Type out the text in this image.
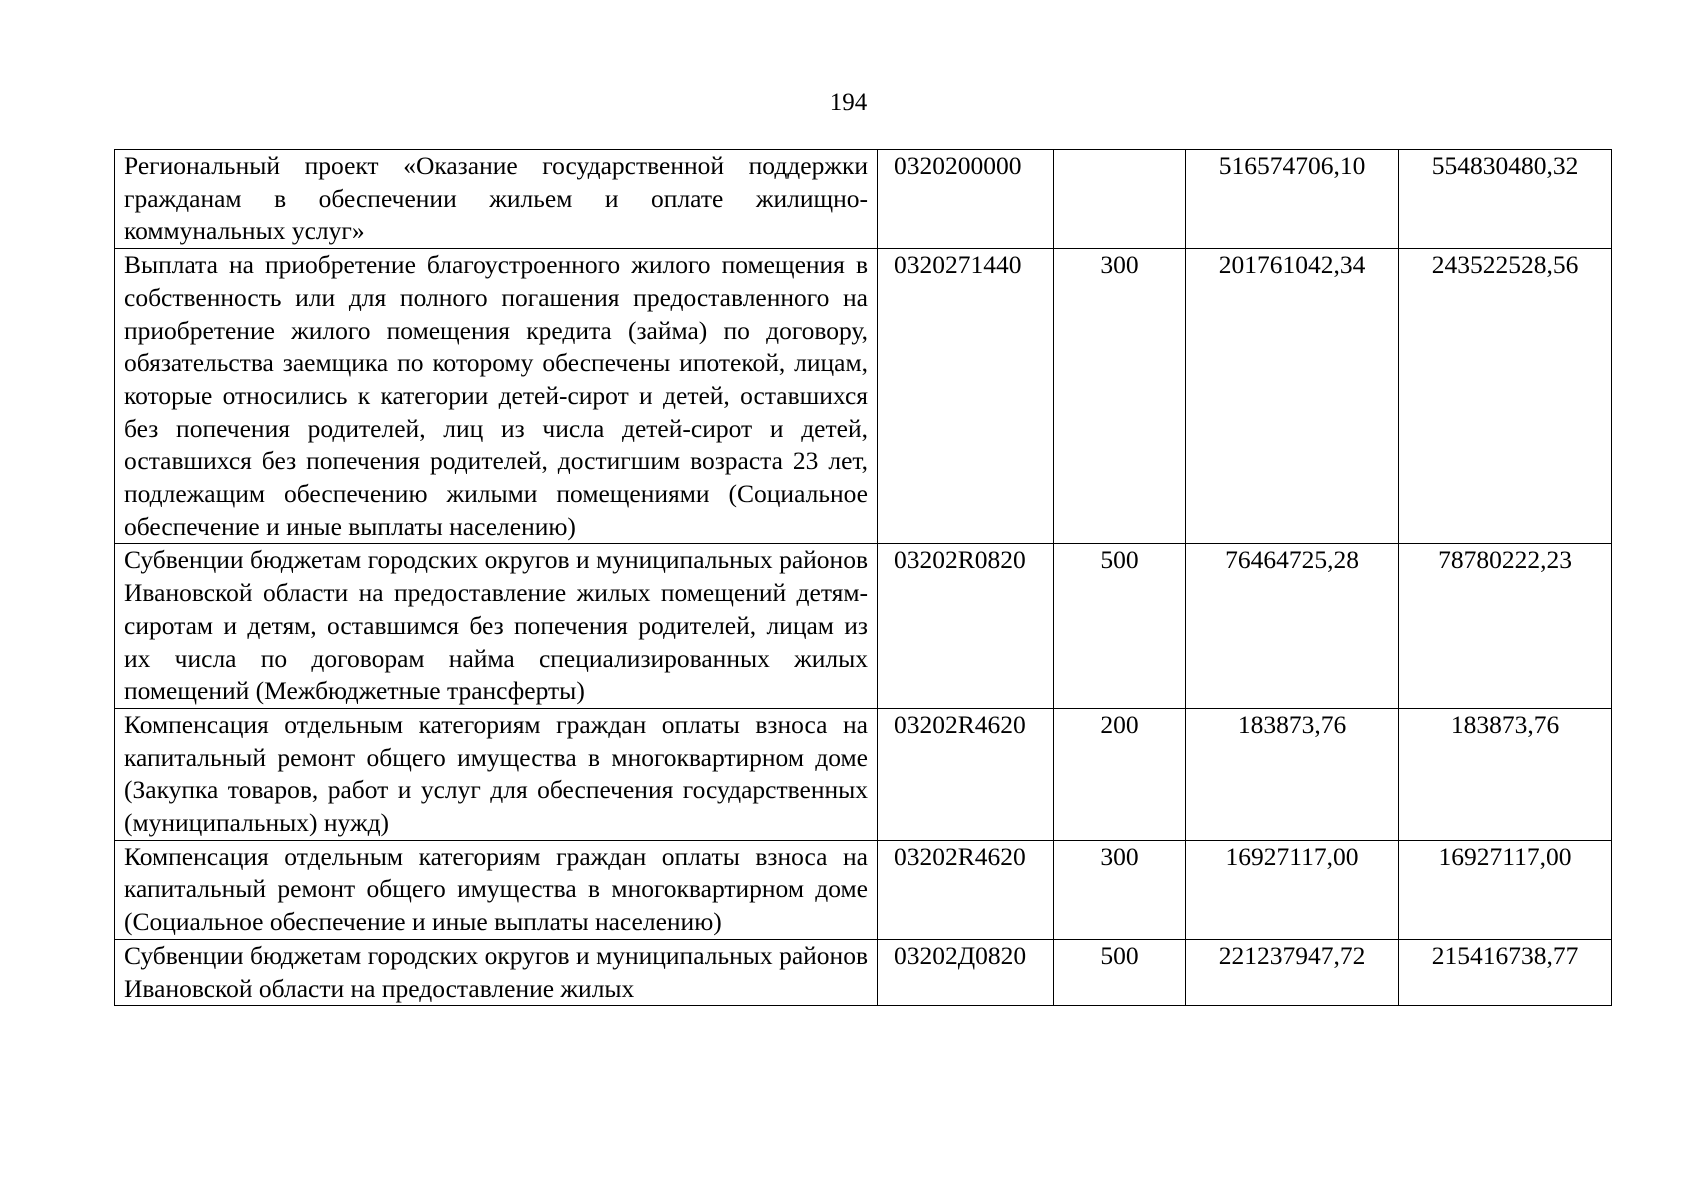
194
Региональный проект «Оказание государственной поддержки гражданам в обеспечении жильем и оплате жилищно-коммунальных услуг»	0320200000		516574706,10	554830480,32
Выплата на приобретение благоустроенного жилого помещения в собственность или для полного погашения предоставленного на приобретение жилого помещения кредита (займа) по договору, обязательства заемщика по которому обеспечены ипотекой, лицам, которые относились к категории детей-сирот и детей, оставшихся без попечения родителей, лиц из числа детей-сирот и детей, оставшихся без попечения родителей, достигшим возраста 23 лет, подлежащим обеспечению жилыми помещениями (Социальное обеспечение и иные выплаты населению)	0320271440	300	201761042,34	243522528,56
Субвенции бюджетам городских округов и муниципальных районов Ивановской области на предоставление жилых помещений детям-сиротам и детям, оставшимся без попечения родителей, лицам из их числа по договорам найма специализированных жилых помещений (Межбюджетные трансферты)	03202R0820	500	76464725,28	78780222,23
Компенсация отдельным категориям граждан оплаты взноса на капитальный ремонт общего имущества в многоквартирном доме (Закупка товаров, работ и услуг для обеспечения государственных (муниципальных) нужд)	03202R4620	200	183873,76	183873,76
Компенсация отдельным категориям граждан оплаты взноса на капитальный ремонт общего имущества в многоквартирном доме (Социальное обеспечение и иные выплаты населению)	03202R4620	300	16927117,00	16927117,00
Субвенции бюджетам городских округов и муниципальных районов Ивановской области на предоставление жилых	03202Д0820	500	221237947,72	215416738,77
